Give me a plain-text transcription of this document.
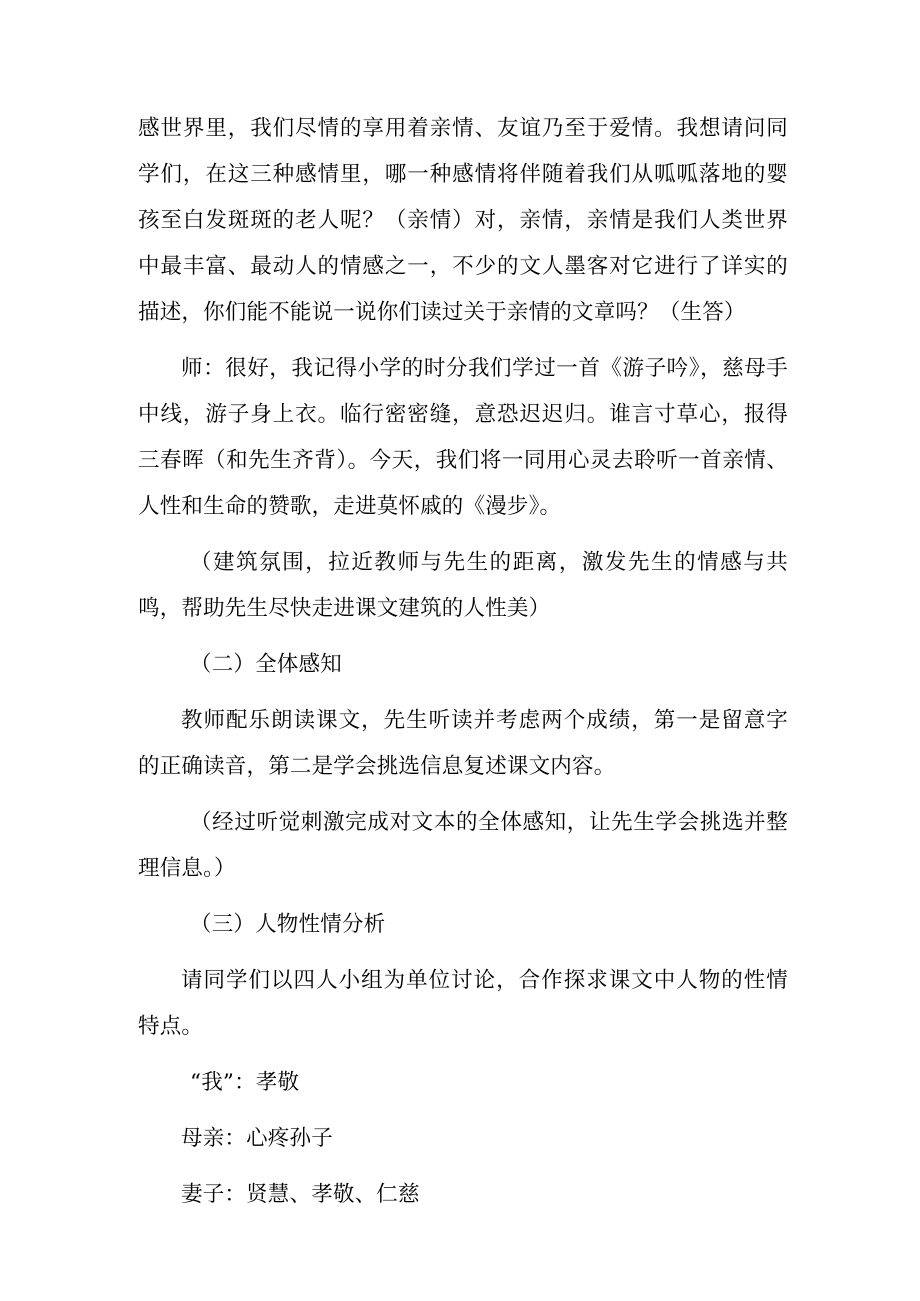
感世界里，我们尽情的享用着亲情、友谊乃至于爱情。我想请问同学们，在这三种感情里，哪一种感情将伴随着我们从呱呱落地的婴孩至白发斑斑的老人呢？（亲情）对，亲情，亲情是我们人类世界中最丰富、最动人的情感之一，不少的文人墨客对它进行了详实的描述，你们能不能说一说你们读过关于亲情的文章吗？（生答）

师：很好，我记得小学的时分我们学过一首《游子吟》，慈母手中线，游子身上衣。临行密密缝，意恐迟迟归。谁言寸草心，报得三春晖（和先生齐背）。今天，我们将一同用心灵去聆听一首亲情、人性和生命的赞歌，走进莫怀戚的《漫步》。

（建筑氛围，拉近教师与先生的距离，激发先生的情感与共鸣，帮助先生尽快走进课文建筑的人性美）

（二）全体感知

教师配乐朗读课文，先生听读并考虑两个成绩，第一是留意字的正确读音，第二是学会挑选信息复述课文内容。

（经过听觉刺激完成对文本的全体感知，让先生学会挑选并整理信息。）

（三）人物性情分析

请同学们以四人小组为单位讨论，合作探求课文中人物的性情特点。

“我”：孝敬

母亲：心疼孙子

妻子：贤慧、孝敬、仁慈
